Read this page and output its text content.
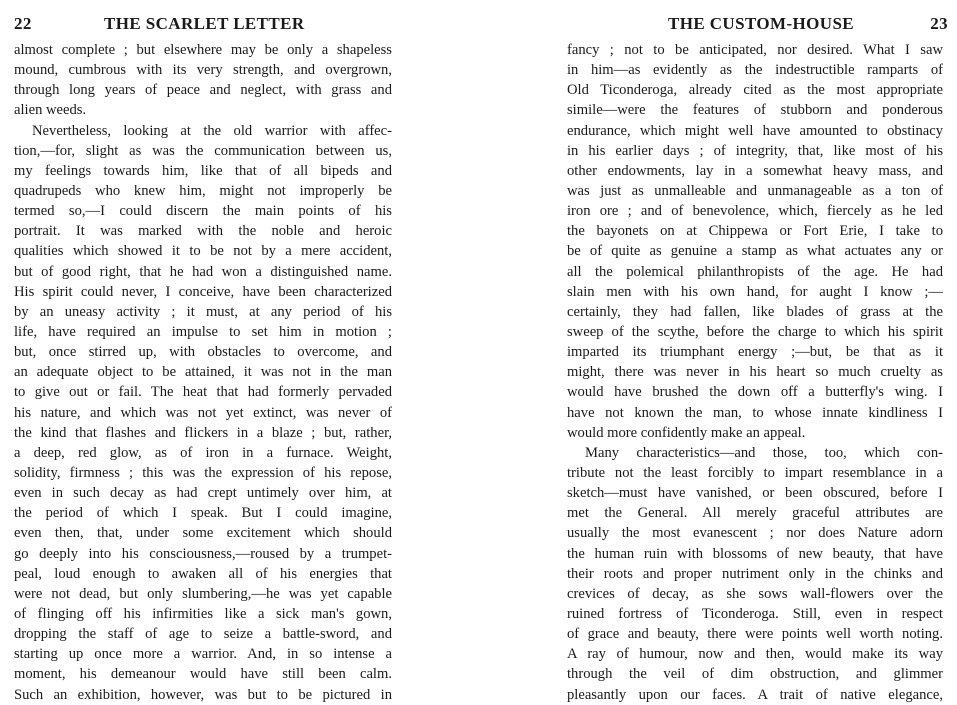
22	THE SCARLET LETTER
almost complete ; but elsewhere may be only a shapeless
mound, cumbrous with its very strength, and overgrown,
through long years of peace and neglect, with grass and
alien weeds.
Nevertheless, looking at the old warrior with affec-
tion,—for, slight as was the communication between us,
my feelings towards him, like that of all bipeds and
quadrupeds who knew him, might not improperly be
termed so,—I could discern the main points of his
portrait. It was marked with the noble and heroic
qualities which showed it to be not by a mere accident,
but of good right, that he had won a distinguished name.
His spirit could never, I conceive, have been characterized
by an uneasy activity ; it must, at any period of his
life, have required an impulse to set him in motion ;
but, once stirred up, with obstacles to overcome, and
an adequate object to be attained, it was not in the man
to give out or fail. The heat that had formerly pervaded
his nature, and which was not yet extinct, was never of
the kind that flashes and flickers in a blaze ; but, rather,
a deep, red glow, as of iron in a furnace. Weight,
solidity, firmness ; this was the expression of his repose,
even in such decay as had crept untimely over him, at
the period of which I speak. But I could imagine,
even then, that, under some excitement which should
go deeply into his consciousness,—roused by a trumpet-
peal, loud enough to awaken all of his energies that
were not dead, but only slumbering,—he was yet capable
of flinging off his infirmities like a sick man's gown,
dropping the staff of age to seize a battle-sword, and
starting up once more a warrior. And, in so intense a
moment, his demeanour would have still been calm.
Such an exhibition, however, was but to be pictured in
THE CUSTOM-HOUSE	23
fancy ; not to be anticipated, nor desired. What I saw
in him—as evidently as the indestructible ramparts of
Old Ticonderoga, already cited as the most appropriate
simile—were the features of stubborn and ponderous
endurance, which might well have amounted to obstinacy
in his earlier days ; of integrity, that, like most of his
other endowments, lay in a somewhat heavy mass, and
was just as unmalleable and unmanageable as a ton of
iron ore ; and of benevolence, which, fiercely as he led
the bayonets on at Chippewa or Fort Erie, I take to
be of quite as genuine a stamp as what actuates any or
all the polemical philanthropists of the age. He had
slain men with his own hand, for aught I know ;—
certainly, they had fallen, like blades of grass at the
sweep of the scythe, before the charge to which his spirit
imparted its triumphant energy ;—but, be that as it
might, there was never in his heart so much cruelty as
would have brushed the down off a butterfly's wing. I
have not known the man, to whose innate kindliness I
would more confidently make an appeal.
Many characteristics—and those, too, which con-
tribute not the least forcibly to impart resemblance in a
sketch—must have vanished, or been obscured, before I
met the General. All merely graceful attributes are
usually the most evanescent ; nor does Nature adorn
the human ruin with blossoms of new beauty, that have
their roots and proper nutriment only in the chinks and
crevices of decay, as she sows wall-flowers over the
ruined fortress of Ticonderoga. Still, even in respect
of grace and beauty, there were points well worth noting.
A ray of humour, now and then, would make its way
through the veil of dim obstruction, and glimmer
pleasantly upon our faces. A trait of native elegance,
